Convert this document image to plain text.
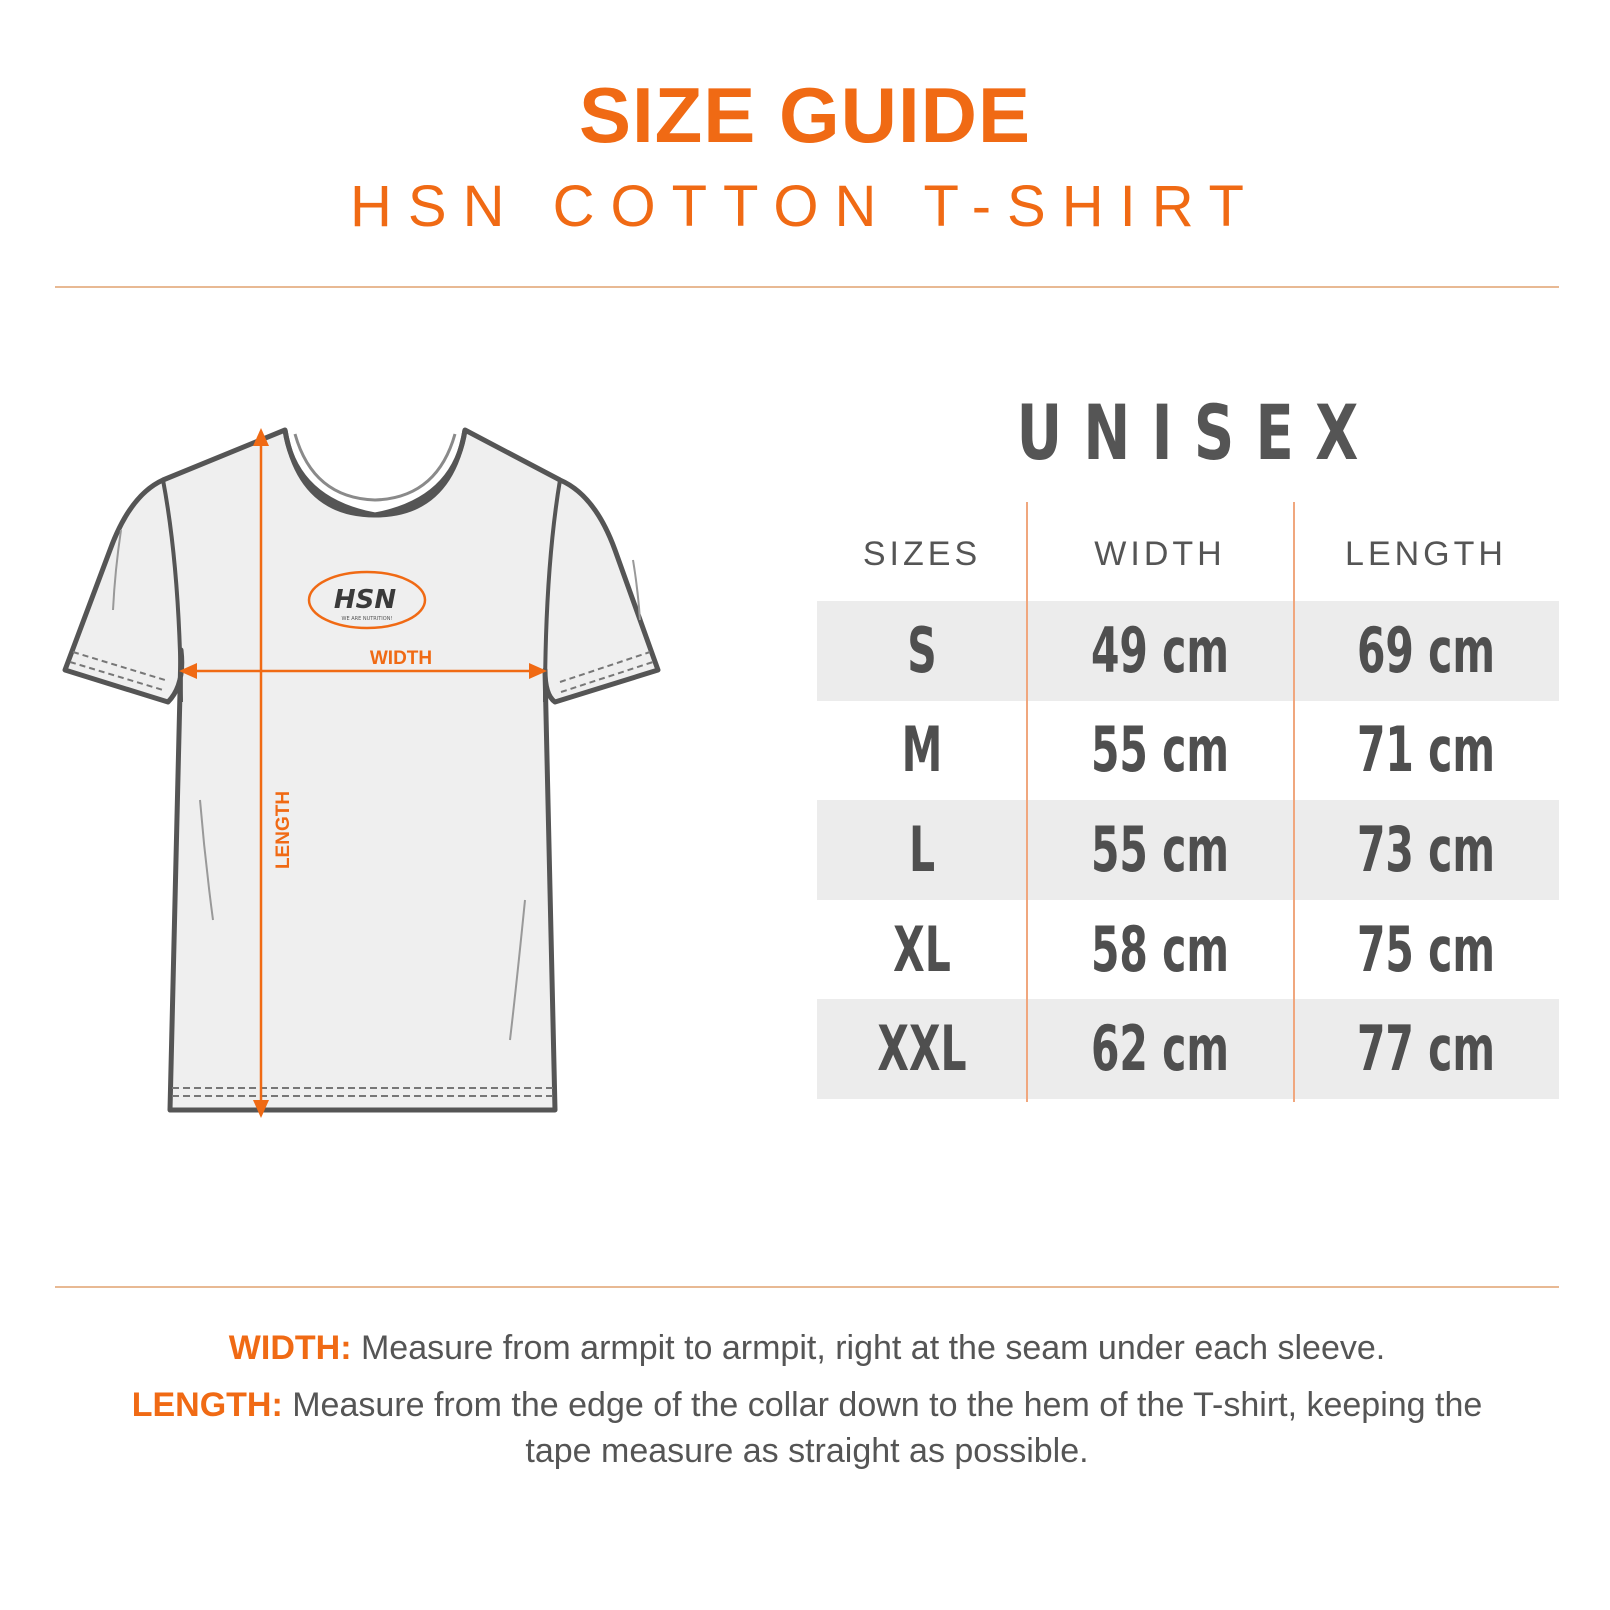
SIZE GUIDE
HSN COTTON T-SHIRT
HSN
WE ARE NUTRITION!
WIDTH
LENGTH
UNISEX
SIZES	WIDTH	LENGTH
S	49 cm	69 cm
M	55 cm	71 cm
L	55 cm	73 cm
XL	58 cm	75 cm
XXL	62 cm	77 cm
WIDTH: Measure from armpit to armpit, right at the seam under each sleeve.
LENGTH: Measure from the edge of the collar down to the hem of the T-shirt, keeping the
tape measure as straight as possible.
